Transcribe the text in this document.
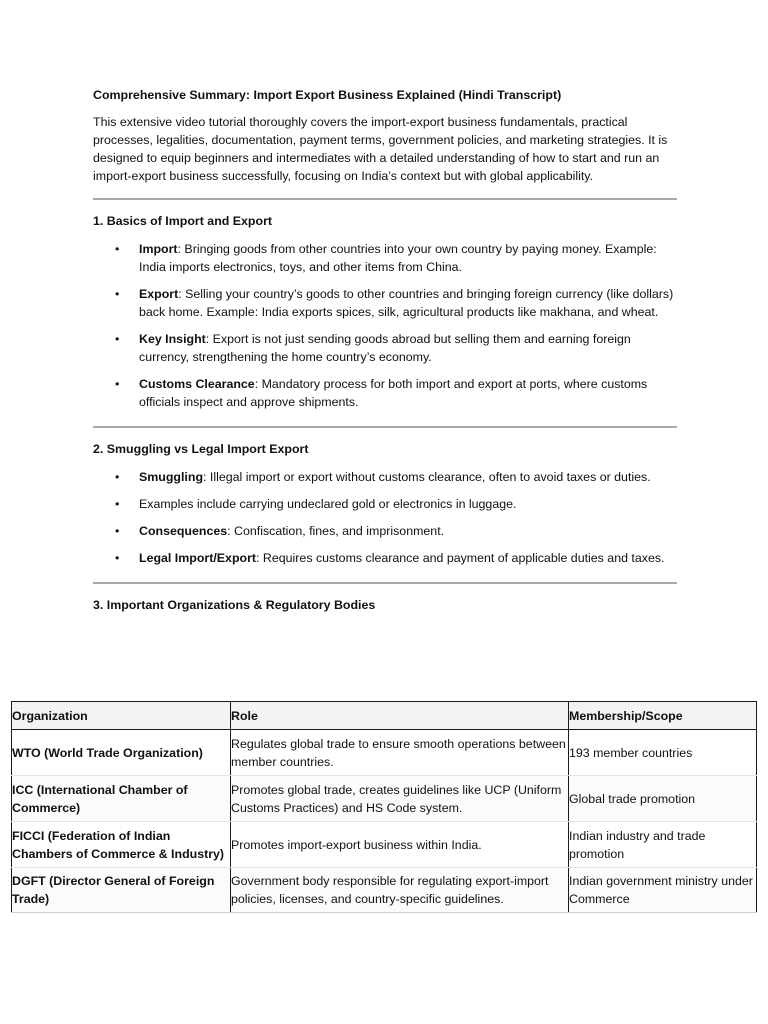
Comprehensive Summary: Import Export Business Explained (Hindi Transcript)

This extensive video tutorial thoroughly covers the import-export business fundamentals, practical processes, legalities, documentation, payment terms, government policies, and marketing strategies. It is designed to equip beginners and intermediates with a detailed understanding of how to start and run an import-export business successfully, focusing on India’s context but with global applicability.

1. Basics of Import and Export
• Import: Bringing goods from other countries into your own country by paying money. Example: India imports electronics, toys, and other items from China.
• Export: Selling your country’s goods to other countries and bringing foreign currency (like dollars) back home. Example: India exports spices, silk, agricultural products like makhana, and wheat.
• Key Insight: Export is not just sending goods abroad but selling them and earning foreign currency, strengthening the home country’s economy.
• Customs Clearance: Mandatory process for both import and export at ports, where customs officials inspect and approve shipments.
2. Smuggling vs Legal Import Export
• Smuggling: Illegal import or export without customs clearance, often to avoid taxes or duties.
• Examples include carrying undeclared gold or electronics in luggage.
• Consequences: Confiscation, fines, and imprisonment.
• Legal Import/Export: Requires customs clearance and payment of applicable duties and taxes.
3. Important Organizations & Regulatory Bodies
Organization	Role	Membership/Scope
WTO (World Trade Organization)	Regulates global trade to ensure smooth operations between member countries.	193 member countries
ICC (International Chamber of Commerce)	Promotes global trade, creates guidelines like UCP (Uniform Customs Practices) and HS Code system.	Global trade promotion
FICCI (Federation of Indian Chambers of Commerce & Industry)	Promotes import-export business within India.	Indian industry and trade promotion
DGFT (Director General of Foreign Trade)	Government body responsible for regulating export-import policies, licenses, and country-specific guidelines.	Indian government ministry under Commerce
